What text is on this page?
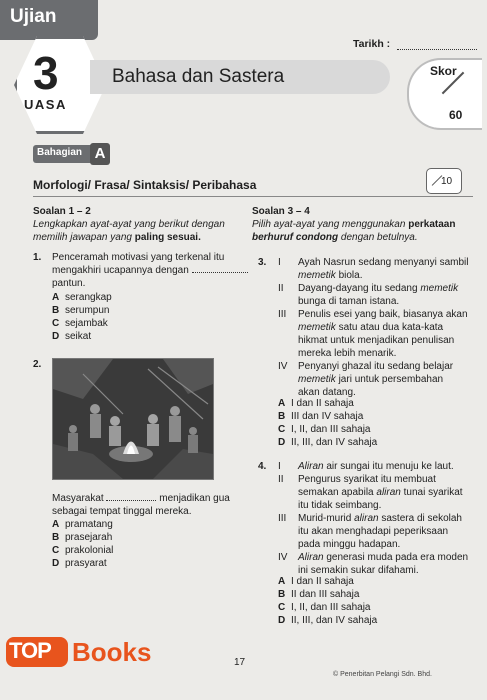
Ujian
3
UASA
Bahasa dan Sastera
Tarikh :
Skor
60
Bahagian A
Morfologi/ Frasa/ Sintaksis/ Peribahasa	10
Soalan 1 – 2
Lengkapkan ayat-ayat yang berikut dengan
memilih jawapan yang paling sesuai.
1. Penceramah motivasi yang terkenal itu
mengakhiri ucapannya dengan
pantun.
A serangkap
B serumpun
C sejambak
D seikat
2.
Masyarakat	menjadikan gua
sebagai tempat tinggal mereka.
A pramatang
B prasejarah
C prakolonial
D prasyarat
Soalan 3 – 4
Pilih ayat-ayat yang menggunakan perkataan
berhuruf condong dengan betulnya.
3. I	Ayah Nasrun sedang menyanyi sambil
memetik biola.
II	Dayang-dayang itu sedang memetik
bunga di taman istana.
III	Penulis esei yang baik, biasanya akan
memetik satu atau dua kata-kata
hikmat untuk menjadikan penulisan
mereka lebih menarik.
IV	Penyanyi ghazal itu sedang belajar
memetik jari untuk persembahan
akan datang.
A I dan II sahaja
B III dan IV sahaja
C I, II, dan III sahaja
D II, III, dan IV sahaja
4. I	Aliran air sungai itu menuju ke laut.
II	Pengurus syarikat itu membuat
semakan apabila aliran tunai syarikat
itu tidak seimbang.
III	Murid-murid aliran sastera di sekolah
itu akan menghadapi peperiksaan
pada minggu hadapan.
IV	Aliran generasi muda pada era moden
ini semakin sukar difahami.
A I dan II sahaja
B II dan III sahaja
C I, II, dan III sahaja
D II, III, dan IV sahaja
TOP Books	17
© Penerbitan Pelangi Sdn. Bhd.
